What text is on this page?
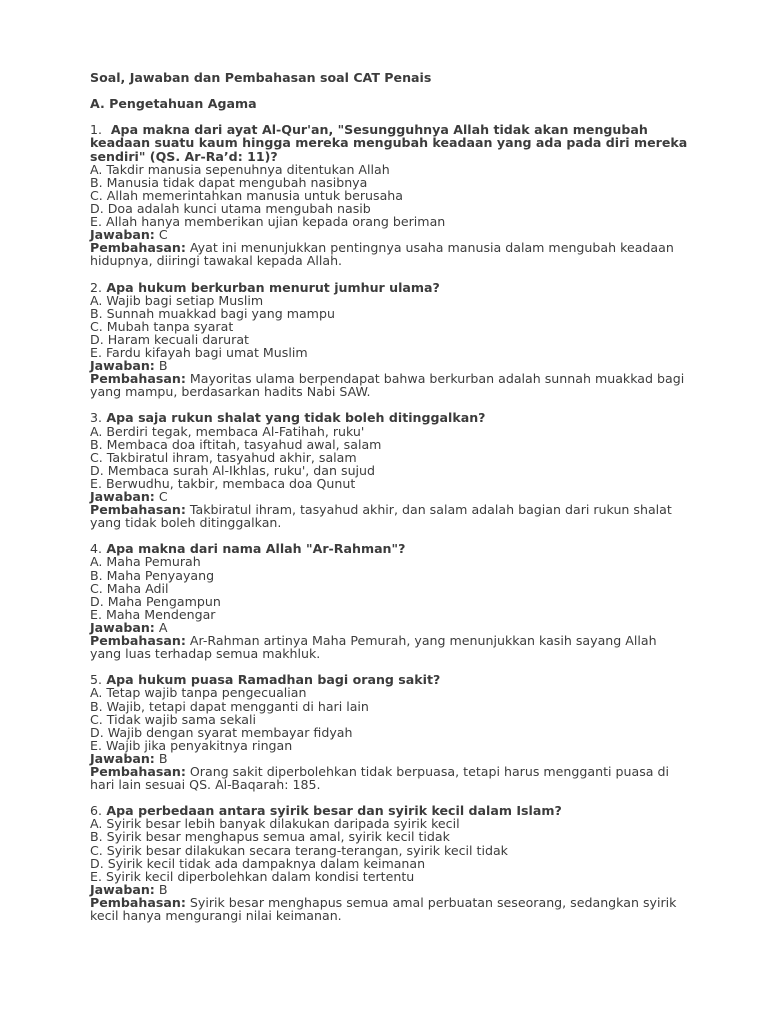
Soal, Jawaban dan Pembahasan soal CAT Penais
A. Pengetahuan Agama
1. Apa makna dari ayat Al-Qur'an, "Sesungguhnya Allah tidak akan mengubah keadaan suatu kaum hingga mereka mengubah keadaan yang ada pada diri mereka sendiri" (QS. Ar-Ra’d: 11)?
A. Takdir manusia sepenuhnya ditentukan Allah
B. Manusia tidak dapat mengubah nasibnya
C. Allah memerintahkan manusia untuk berusaha
D. Doa adalah kunci utama mengubah nasib
E. Allah hanya memberikan ujian kepada orang beriman
Jawaban: C
Pembahasan: Ayat ini menunjukkan pentingnya usaha manusia dalam mengubah keadaan hidupnya, diiringi tawakal kepada Allah.
2. Apa hukum berkurban menurut jumhur ulama?
A. Wajib bagi setiap Muslim
B. Sunnah muakkad bagi yang mampu
C. Mubah tanpa syarat
D. Haram kecuali darurat
E. Fardu kifayah bagi umat Muslim
Jawaban: B
Pembahasan: Mayoritas ulama berpendapat bahwa berkurban adalah sunnah muakkad bagi yang mampu, berdasarkan hadits Nabi SAW.
3. Apa saja rukun shalat yang tidak boleh ditinggalkan?
A. Berdiri tegak, membaca Al-Fatihah, ruku'
B. Membaca doa iftitah, tasyahud awal, salam
C. Takbiratul ihram, tasyahud akhir, salam
D. Membaca surah Al-Ikhlas, ruku', dan sujud
E. Berwudhu, takbir, membaca doa Qunut
Jawaban: C
Pembahasan: Takbiratul ihram, tasyahud akhir, dan salam adalah bagian dari rukun shalat yang tidak boleh ditinggalkan.
4. Apa makna dari nama Allah "Ar-Rahman"?
A. Maha Pemurah
B. Maha Penyayang
C. Maha Adil
D. Maha Pengampun
E. Maha Mendengar
Jawaban: A
Pembahasan: Ar-Rahman artinya Maha Pemurah, yang menunjukkan kasih sayang Allah yang luas terhadap semua makhluk.
5. Apa hukum puasa Ramadhan bagi orang sakit?
A. Tetap wajib tanpa pengecualian
B. Wajib, tetapi dapat mengganti di hari lain
C. Tidak wajib sama sekali
D. Wajib dengan syarat membayar fidyah
E. Wajib jika penyakitnya ringan
Jawaban: B
Pembahasan: Orang sakit diperbolehkan tidak berpuasa, tetapi harus mengganti puasa di hari lain sesuai QS. Al-Baqarah: 185.
6. Apa perbedaan antara syirik besar dan syirik kecil dalam Islam?
A. Syirik besar lebih banyak dilakukan daripada syirik kecil
B. Syirik besar menghapus semua amal, syirik kecil tidak
C. Syirik besar dilakukan secara terang-terangan, syirik kecil tidak
D. Syirik kecil tidak ada dampaknya dalam keimanan
E. Syirik kecil diperbolehkan dalam kondisi tertentu
Jawaban: B
Pembahasan: Syirik besar menghapus semua amal perbuatan seseorang, sedangkan syirik kecil hanya mengurangi nilai keimanan.
